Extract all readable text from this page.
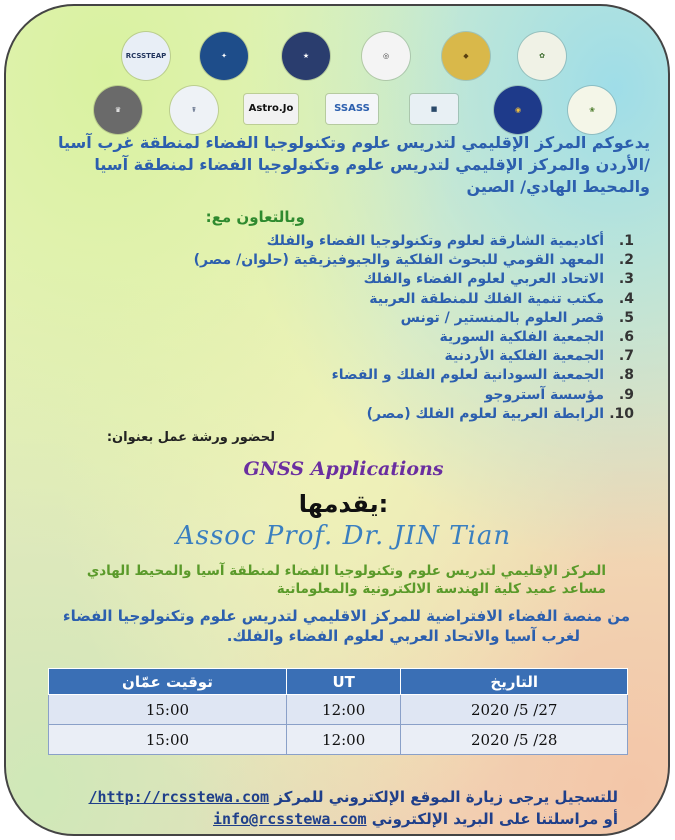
RCSSTEAP	✦	★	◎	◆	✿
♛	☤	Astro.Jo	SSASS	■	◉	❀

يدعوكم المركز الإقليمي لتدريس علوم وتكنولوجيا الفضاء لمنطقة غرب آسيا /الأردن والمركز الإقليمي لتدريس علوم وتكنولوجيا الفضاء لمنطقة آسيا والمحيط الهادي/ الصين

وبالتعاون مع:

1.
أكاديمية الشارقة لعلوم وتكنولوجيا الفضاء والفلك
2.
المعهد القومي للبحوث الفلكية والجيوفيزيقية (حلوان/ مصر)
3.
الاتحاد العربي لعلوم الفضاء والفلك
4.
مكتب تنمية الفلك للمنطقة العربية
5.
قصر العلوم بالمنستير / تونس
6.
الجمعية الفلكية السورية
7.
الجمعية الفلكية الأردنية
8.
الجمعية السودانية لعلوم الفلك و الفضاء
9.
مؤسسة آستروجو
10.
الرابطة العربية لعلوم الفلك (مصر)

لحضور ورشة عمل بعنوان:

GNSS Applications

يقدمها:

Assoc Prof. Dr. JIN Tian

المركز الإقليمي لتدريس علوم وتكنولوجيا الفضاء لمنطقة آسيا والمحيط الهادي
مساعد عميد كلية الهندسة الالكترونية والمعلوماتية
من منصة الفضاء الافتراضية للمركز الاقليمي لتدريس علوم وتكنولوجيا الفضاء
لغرب آسيا والاتحاد العربي لعلوم الفضاء والفلك.
توقيت عمّان	UT	التاريخ
15:00	12:00	2020 /5 /27
15:00	12:00	2020 /5 /28
للتسجيل يرجى زيارة الموقع الإلكتروني للمركز http://rcsstewa.com/
أو مراسلتنا على البريد الإلكتروني info@rcsstewa.com
